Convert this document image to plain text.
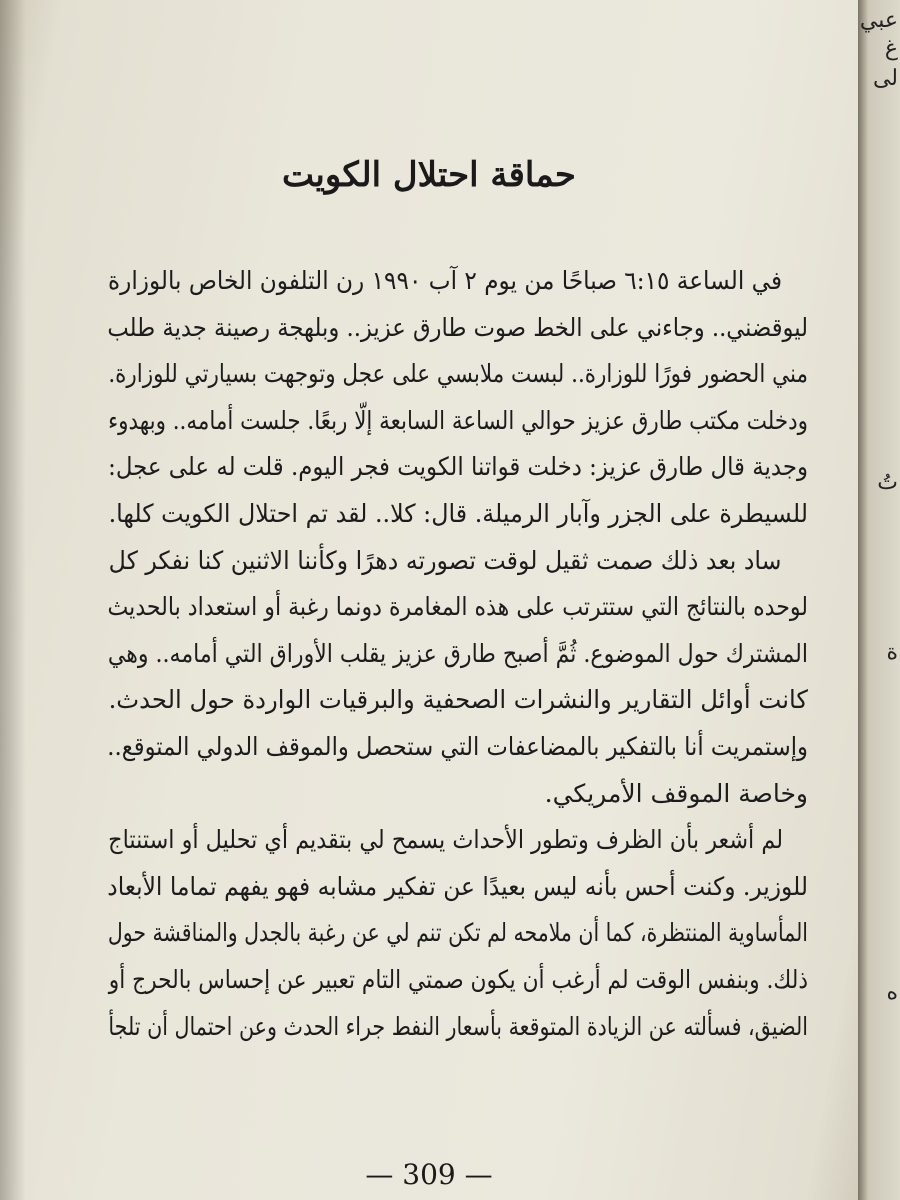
حماقة احتلال الكويت
في الساعة ٦:١٥ صباحًا من يوم ٢ آب ١٩٩٠ رن التلفون الخاص بالوزارة
ليوقضني.. وجاءني على الخط صوت طارق عزيز.. وبلهجة رصينة جدية طلب
مني الحضور فورًا للوزارة.. لبست ملابسي على عجل وتوجهت بسيارتي للوزارة.
ودخلت مكتب طارق عزيز حوالي الساعة السابعة إلّا ربعًا. جلست أمامه.. وبهدوء
وجدية قال طارق عزيز: دخلت قواتنا الكويت فجر اليوم. قلت له على عجل:
للسيطرة على الجزر وآبار الرميلة. قال: كلا.. لقد تم احتلال الكويت كلها.
ساد بعد ذلك صمت ثقيل لوقت تصورته دهرًا وكأننا الاثنين كنا نفكر كل
لوحده بالنتائج التي ستترتب على هذه المغامرة دونما رغبة أو استعداد بالحديث
المشترك حول الموضوع. ثُمَّ أصبح طارق عزيز يقلب الأوراق التي أمامه.. وهي
كانت أوائل التقارير والنشرات الصحفية والبرقيات الواردة حول الحدث.
وإستمريت أنا بالتفكير بالمضاعفات التي ستحصل والموقف الدولي المتوقع..
وخاصة الموقف الأمريكي.
لم أشعر بأن الظرف وتطور الأحداث يسمح لي بتقديم أي تحليل أو استنتاج
للوزير. وكنت أحس بأنه ليس بعيدًا عن تفكير مشابه فهو يفهم تماما الأبعاد
المأساوية المنتظرة، كما أن ملامحه لم تكن تنم لي عن رغبة بالجدل والمناقشة حول
ذلك. وبنفس الوقت لم أرغب أن يكون صمتي التام تعبير عن إحساس بالحرج أو
الضيق، فسألته عن الزيادة المتوقعة بأسعار النفط جراء الحدث وعن احتمال أن تلجأ
— 309 —
عبي
غ
لى
تُ
ة
ه
